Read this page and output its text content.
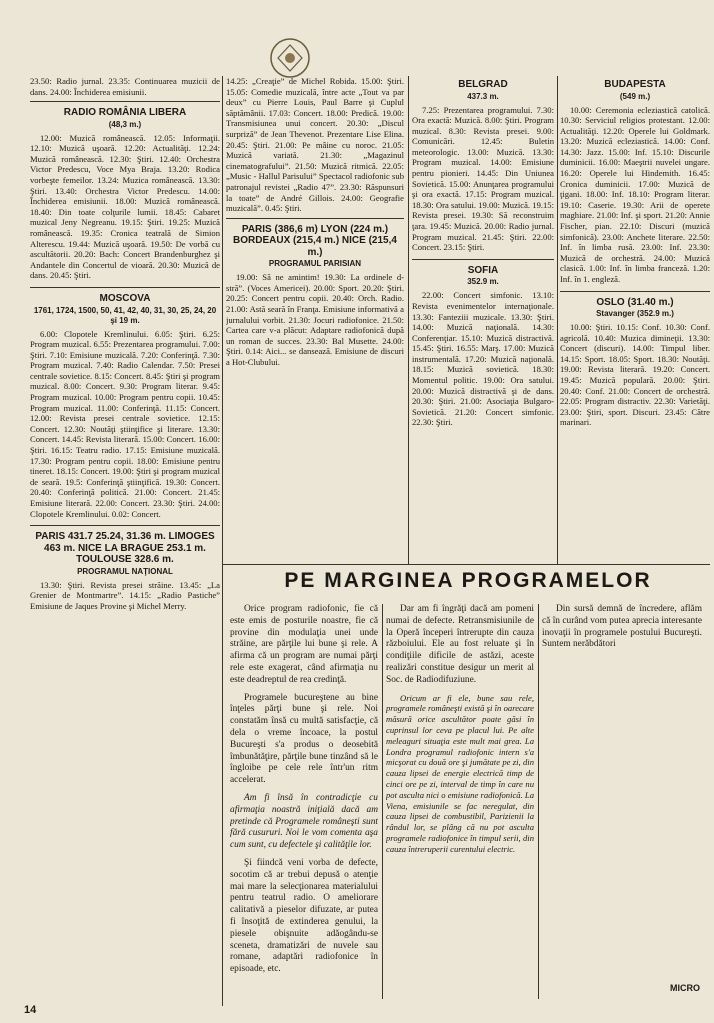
23.50: Radio jurnal. 23.35: Continuarea muzicii de dans. 24.00: Închiderea emisiunii.

RADIO ROMÂNIA LIBERA
(48,3 m.)

12.00: Muzică românească. 12.05: Informaţii. 12.10: Muzică uşoară. 12.20: Actualităţi. 12.24: Muzică românească. 12.30: Ştiri. 12.40: Orchestra Victor Predescu, Voce Mya Braja. 13.20: Rodica vorbeşte femeilor. 13.24: Muzica românească. 13.30: Ştiri. 13.40: Orchestra Victor Predescu. 14.00: Închiderea emisiunii. 18.00: Muzică românească. 18.40: Din toate colţurile lumii. 18.45: Cabaret muzical Jeny Negreanu. 19.15: Ştiri. 19.25: Muzică românească. 19.35: Cronica teatrală de Simion Alterescu. 19.44: Muzică uşoară. 19.50: De vorbă cu ascultătorii. 20.20: Bach: Concert Brandenburghez şi Andantele din Concertul de vioară. 20.30: Muzică de dans. 20.45: Ştiri.

MOSCOVA
1761, 1724, 1500, 50, 41, 42, 40, 31, 30, 25, 24, 20 şi 19 m.

6.00: Clopotele Kremlinului. 6.05: Ştiri. 6.25: Program muzical. 6.55: Prezentarea programului. 7.00: Ştiri. 7.10: Emisiune muzicală. 7.20: Conferinţă. 7.30: Program muzical. 7.40: Radio Calendar. 7.50: Presei centrale sovietice. 8.15: Concert. 8.45: Ştiri şi program muzical. 8.00: Concert. 9.30: Program literar. 9.45: Program muzical. 10.00: Program pentru copii. 10.45: Program muzical. 11.00: Conferinţă. 11.15: Concert. 12.00: Revista presei centrale sovietice. 12.15: Concert. 12.30: Noutăţi ştiinţifice şi literare. 13.30: Concert. 14.45: Revista literară. 15.00: Concert. 16.00: Ştiri. 16.15: Teatru radio. 17.15: Emisiune muzicală. 17.30: Program pentru copii. 18.00: Emisiune pentru tineret. 18.15: Concert. 19.00: Ştiri şi program muzical de seară. 19.5: Conferinţă ştiinţifică. 19.30: Concert. 20.40: Conferinţă politică. 21.00: Concert. 21.45: Emisiune literară. 22.00: Concert. 23.30: Ştiri. 24.00: Clopotele Kremlinului. 0.02: Concert.

PARIS 431.7 25.24, 31.36 m. LIMOGES 463 m. NICE LA BRAGUE 253.1 m. TOULOUSE 328.6 m.
PROGRAMUL NAŢIONAL

13.30: Ştiri. Revista presei străine. 13.45: „La Grenier de Montmartre”. 14.15: „Radio Pastiche” Emisiune de Jaques Provine şi Michel Merry.

14.25: „Creaţie” de Michel Robida. 15.00: Ştiri. 15.05: Comedie muzicală, între acte „Tout va par deux” cu Pierre Louis, Paul Barre şi Cuplul săptămânii. 17.03: Concert. 18.00: Predică. 19.00: Transmisiunea unui concert. 20.30: „Discul surpriză” de Jean Thevenot. Prezentare Lise Elina. 20.45: Ştiri. 21.00: Pe mâine cu noroc. 21.05: Muzică variată. 21.30: „Magazinul cinematografului”. 21.50: Muzică ritmică. 22.05: „Music - Hallul Parisului” Spectacol radiofonic sub patronajul revistei „Radio 47”. 23.30: Răspunsuri la toate” de André Gillois. 24.00: Geografie muzicală”. 0.45: Ştiri.

PARIS (386,6 m) LYON (224 m.) BORDEAUX (215,4 m.) NICE (215,4 m.)
PROGRAMUL PARISIAN

19.00: Să ne amintim! 19.30: La ordinele d-stră”. (Voces Americei). 20.00: Sport. 20.20: Ştiri. 20.25: Concert pentru copii. 20.40: Orch. Radio. 21.00: Astă seară în Franţa. Emisiune informativă a jurnalului vorbit. 21.30: Jocuri radiofonice. 21.50: Cartea care v-a plăcut: Adaptare radiofonică după un roman de succes. 23.30: Bal Musette. 24.00: Ştiri. 0.14: Aici... se dansează. Emisiune de discuri a Hot-Clubului.

BELGRAD
437.3 m.

7.25: Prezentarea programului. 7.30: Ora exactă: Muzică. 8.00: Ştiri. Program muzical. 8.30: Revista presei. 9.00: Comunicări. 12.45: Buletin meteorologic. 13.00: Muzică. 13.30: Program muzical. 14.00: Emisiune pentru pionieri. 14.45: Din Uniunea Sovietică. 15.00: Anunţarea programului şi ora exactă. 17.15: Program muzical. 18.30: Ora satului. 19.00: Muzică. 19.15: Revista presei. 19.30: Să reconstruim ţara. 19.45: Muzică. 20.00: Radio jurnal. Program muzical. 21.45: Ştiri. 22.00: Concert. 23.15: Ştiri.

SOFIA
352.9 m.

22.00: Concert simfonic. 13.10: Revista evenimentelor internaţionale. 13.30: Fanteziii muzicale. 13.30: Ştiri. 14.00: Muzică naţională. 14.30: Conferenţiar. 15.10: Muzică distractivă. 15.45: Ştiri. 16.55: Marş. 17.00: Muzică instrumentală. 17.20: Muzică naţională. 18.15: Muzică sovietică. 18.30: Momentul politic. 19.00: Ora satului. 20.00: Muzică distractivă şi de dans. 20.30: Ştiri. 21.00: Asociaţia Bulgaro-Sovietică. 21.20: Concert simfonic. 22.30: Ştiri.

BUDAPESTA
(549 m.)

10.00: Ceremonia ecleziastică catolică. 10.30: Serviciul religios protestant. 12.00: Actualităţi. 12.20: Operele lui Goldmark. 13.20: Muzică ecleziastică. 14.00: Conf. 14.30: Jazz. 15.00: Inf. 15.10: Discurile duminicii. 16.00: Maeştrii nuvelei ungare. 16.20: Operele lui Hindemith. 16.45: Cronica duminicii. 17.00: Muzică de ţigani. 18.00: Inf. 18.10: Program literar. 19.10: Caserie. 19.30: Arii de operete maghiare. 21.00: Inf. şi sport. 21.20: Annie Fischer, pian. 22.10: Discuri (muzică simfonică). 23.00: Anchete literare. 22.50: Inf. în limba rusă. 23.00: Inf. 23.30: Muzică de orchestră. 24.00: Muzică clasică. 1.00: Inf. în limba franceză. 1.20: Inf. în 1. engleză.

OSLO (31.40 m.)
Stavanger (352.9 m.)

10.00: Ştiri. 10.15: Conf. 10.30: Conf. agricolă. 10.40: Muzica dimineţii. 13.30: Concert (discuri). 14.00: Timpul liber. 14.15: Sport. 18.05: Sport. 18.30: Noutăţi. 19.00: Revista literară. 19.20: Concert. 19.45: Muzică populară. 20.00: Ştiri. 20.40: Conf. 21.00: Concert de orchestră. 22.05: Program distractiv. 22.30: Varietăţi. 23.00: Ştiri, sport. Discuri. 23.45: Către marinari.

PE MARGINEA PROGRAMELOR

Orice program radiofonic, fie că este emis de posturile noastre, fie că provine din modulaţia unei unde străine, are părţile lui bune şi rele. A afirma că un program are numai părţi rele este exagerat, când afirmaţia nu este deadreptul de rea credinţă.

Programele bucureştene au bine înţeles părţi bune şi rele. Noi constatăm însă cu multă satisfacţie, că dela o vreme încoace, la postul Bucureşti s'a produs o deosebită îmbunătăţire, părţile bune tinzând să le îngloibe pe cele rele într'un ritm accelerat.

Am fi însă în contradicţie cu afirmaţia noastră iniţială dacă am pretinde că Programele româneşti sunt fără cusururi. Noi le vom comenta aşa cum sunt, cu defectele şi calităţile lor.

Şi fiindcă veni vorba de defecte, socotim că ar trebui depusă o atenţie mai mare la selecţionarea materialului pentru teatrul radio. O ameliorare calitativă a pieselor difuzate, ar putea fi însoţită de extinderea genului, la piesele obişnuite adăogându-se sceneta, dramatizări de nuvele sau romane, adaptări radiofonice în episoade, etc.

Dar am fi îngrăţi dacă am pomeni numai de defecte. Retransmisiunile de la Operă începeri întrerupte din cauza războiului. Ele au fost reluate şi în condiţiile dificile de astăzi, aceste realizări constitue desigur un merit al Soc. de Radiodifuziune.

Oricum ar fi ele, bune sau rele, programele româneşti există şi în oarecare măsură orice ascultător poate găsi în cuprinsul lor ceva pe placul lui. Pe alte meleaguri situaţia este mult mai grea. La Londra programul radiofonic intern s'a micşorat cu două ore şi jumătate pe zi, din cauza lipsei de energie electrică timp de cinci ore pe zi, interval de timp în care nu pot asculta nici o emisiune radiofonică. La Viena, emisiunile se fac neregulat, din cauza lipsei de combustibil, Parizienii la rândul lor, se plâng că nu pot asculta programele radiofonice în timpul serii, din cauza întreruperii curentului electric.

Din sursă demnă de încredere, aflăm că în curând vom putea aprecia interesante inovaţii în programele postului Bucureşti. Suntem nerăbdători

MICRO
14
